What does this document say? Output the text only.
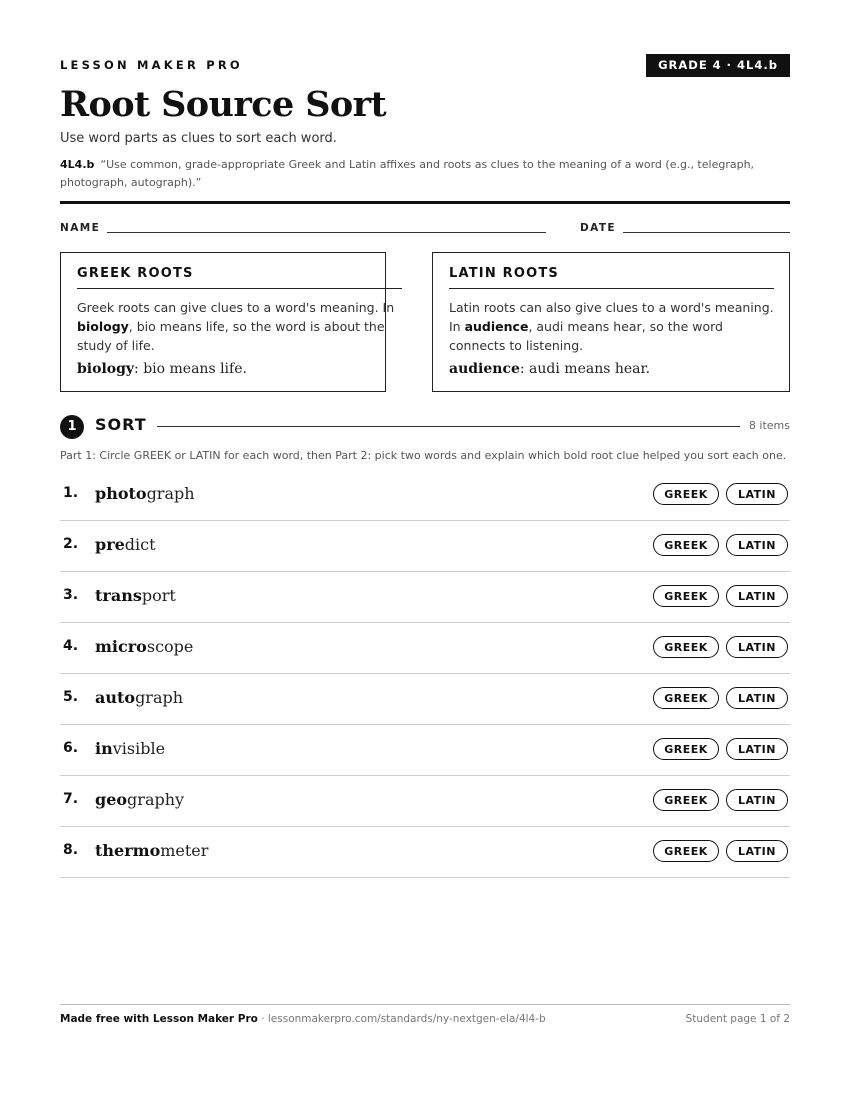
LESSON MAKER PRO	GRADE 4 · 4L4.b
Root Source Sort
Use word parts as clues to sort each word.
4L4.b “Use common, grade-appropriate Greek and Latin affixes and roots as clues to the meaning of a word (e.g., telegraph, photograph, autograph).”
NAME	DATE
GREEK ROOTS
Greek roots can give clues to a word's meaning. In biology, bio means life, so the word is about the study of life.
biology: bio means life.
LATIN ROOTS
Latin roots can also give clues to a word's meaning. In audience, audi means hear, so the word connects to listening.
audience: audi means hear.
1	SORT	8 items
Part 1: Circle GREEK or LATIN for each word, then Part 2: pick two words and explain which bold root clue helped you sort each one.
1. photograph	GREEK	LATIN
2. predict	GREEK	LATIN
3. transport	GREEK	LATIN
4. microscope	GREEK	LATIN
5. autograph	GREEK	LATIN
6. invisible	GREEK	LATIN
7. geography	GREEK	LATIN
8. thermometer	GREEK	LATIN
Made free with Lesson Maker Pro · lessonmakerpro.com/standards/ny-nextgen-ela/4l4-b	Student page 1 of 2
